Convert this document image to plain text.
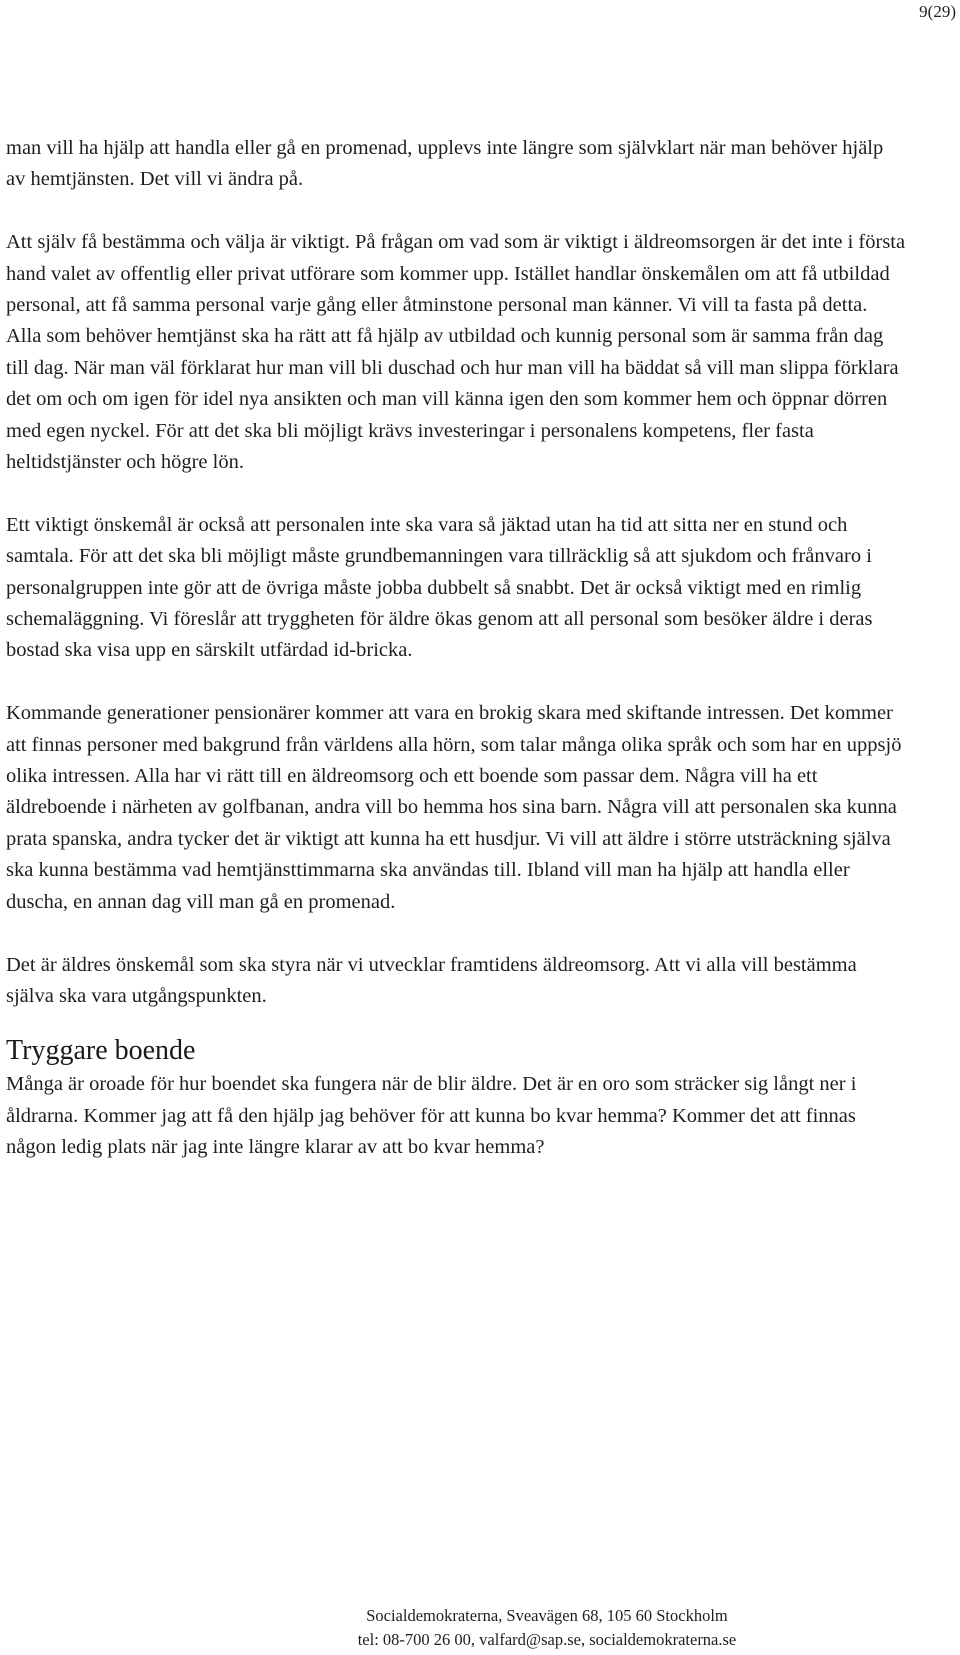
9(29)

man vill ha hjälp att handla eller gå en promenad, upplevs inte längre som självklart när man behöver hjälp av hemtjänsten. Det vill vi ändra på.

Att själv få bestämma och välja är viktigt. På frågan om vad som är viktigt i äldreomsorgen är det inte i första hand valet av offentlig eller privat utförare som kommer upp. Istället handlar önskemålen om att få utbildad personal, att få samma personal varje gång eller åtminstone personal man känner. Vi vill ta fasta på detta. Alla som behöver hemtjänst ska ha rätt att få hjälp av utbildad och kunnig personal som är samma från dag till dag. När man väl förklarat hur man vill bli duschad och hur man vill ha bäddat så vill man slippa förklara det om och om igen för idel nya ansikten och man vill känna igen den som kommer hem och öppnar dörren med egen nyckel. För att det ska bli möjligt krävs investeringar i personalens kompetens, fler fasta heltidstjänster och högre lön.

Ett viktigt önskemål är också att personalen inte ska vara så jäktad utan ha tid att sitta ner en stund och samtala. För att det ska bli möjligt måste grundbemanningen vara tillräcklig så att sjukdom och frånvaro i personalgruppen inte gör att de övriga måste jobba dubbelt så snabbt. Det är också viktigt med en rimlig schemaläggning. Vi föreslår att tryggheten för äldre ökas genom att all personal som besöker äldre i deras bostad ska visa upp en särskilt utfärdad id-bricka.

Kommande generationer pensionärer kommer att vara en brokig skara med skiftande intressen. Det kommer att finnas personer med bakgrund från världens alla hörn, som talar många olika språk och som har en uppsjö olika intressen. Alla har vi rätt till en äldreomsorg och ett boende som passar dem. Några vill ha ett äldreboende i närheten av golfbanan, andra vill bo hemma hos sina barn. Några vill att personalen ska kunna prata spanska, andra tycker det är viktigt att kunna ha ett husdjur. Vi vill att äldre i större utsträckning själva ska kunna bestämma vad hemtjänsttimmarna ska användas till. Ibland vill man ha hjälp att handla eller duscha, en annan dag vill man gå en promenad.

Det är äldres önskemål som ska styra när vi utvecklar framtidens äldreomsorg. Att vi alla vill bestämma själva ska vara utgångspunkten.

Tryggare boende

Många är oroade för hur boendet ska fungera när de blir äldre. Det är en oro som sträcker sig långt ner i åldrarna. Kommer jag att få den hjälp jag behöver för att kunna bo kvar hemma? Kommer det att finnas någon ledig plats när jag inte längre klarar av att bo kvar hemma?

Socialdemokraterna, Sveavägen 68, 105 60 Stockholm
tel: 08-700 26 00, valfard@sap.se, socialdemokraterna.se
